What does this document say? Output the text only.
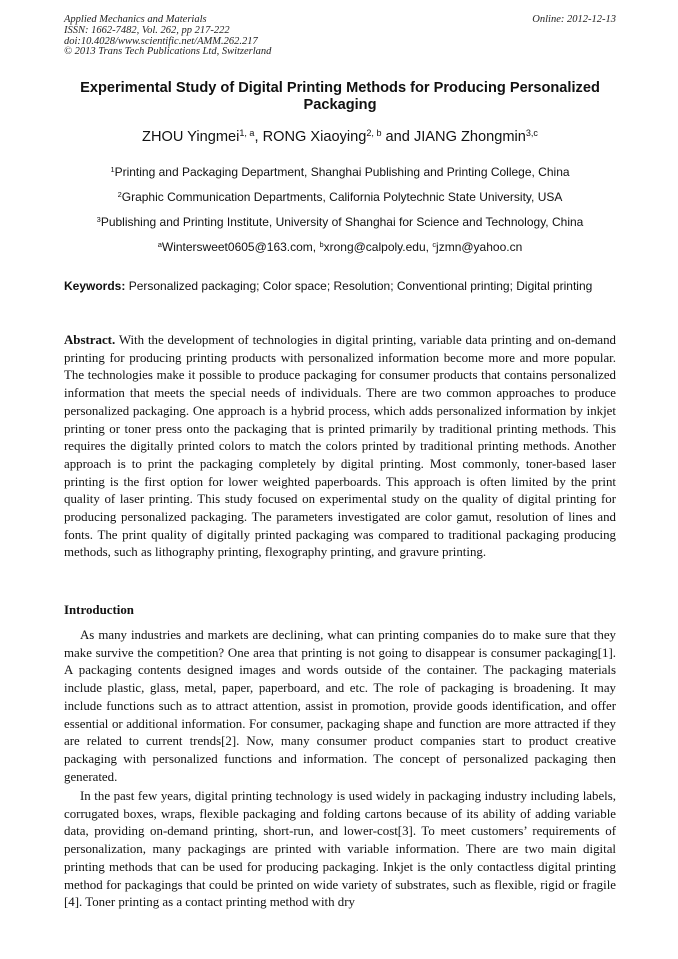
Applied Mechanics and Materials
ISSN: 1662-7482, Vol. 262, pp 217-222
doi:10.4028/www.scientific.net/AMM.262.217
© 2013 Trans Tech Publications Ltd, Switzerland
Online: 2012-12-13
Experimental Study of Digital Printing Methods for Producing Personalized Packaging
ZHOU Yingmei$^{1, a}$, RONG Xiaoying$^{2, b}$ and JIANG Zhongmin$^{3,c}$
$^1$Printing and Packaging Department, Shanghai Publishing and Printing College, China
$^2$Graphic Communication Departments, California Polytechnic State University, USA
$^3$Publishing and Printing Institute, University of Shanghai for Science and Technology, China
$^a$Wintersweet0605@163.com, $^b$xrong@calpoly.edu, $^c$jzmn@yahoo.cn
Keywords: Personalized packaging; Color space; Resolution; Conventional printing; Digital printing
Abstract. With the development of technologies in digital printing, variable data printing and on-demand printing for producing printing products with personalized information become more and more popular. The technologies make it possible to produce packaging for consumer products that contains personalized information that meets the special needs of individuals. There are two common approaches to produce personalized packaging. One approach is a hybrid process, which adds personalized information by inkjet printing or toner press onto the packaging that is printed primarily by traditional printing methods. This requires the digitally printed colors to match the colors printed by traditional printing methods. Another approach is to print the packaging completely by digital printing. Most commonly, toner-based laser printing is the first option for lower weighted paperboards. This approach is often limited by the print quality of laser printing. This study focused on experimental study on the quality of digital printing for producing personalized packaging. The parameters investigated are color gamut, resolution of lines and fonts. The print quality of digitally printed packaging was compared to traditional packaging producing methods, such as lithography printing, flexography printing, and gravure printing.
Introduction
As many industries and markets are declining, what can printing companies do to make sure that they make survive the competition? One area that printing is not going to disappear is consumer packaging[1]. A packaging contents designed images and words outside of the container. The packaging materials include plastic, glass, metal, paper, paperboard, and etc. The role of packaging is broadening. It may include functions such as to attract attention, assist in promotion, provide goods identification, and offer essential or additional information. For consumer, packaging shape and function are more attracted if they are related to current trends[2]. Now, many consumer product companies start to product creative packaging with personalized functions and information. The concept of personalized packaging then generated.
In the past few years, digital printing technology is used widely in packaging industry including labels, corrugated boxes, wraps, flexible packaging and folding cartons because of its ability of adding variable data, providing on-demand printing, short-run, and lower-cost[3]. To meet customers’ requirements of personalization, many packagings are printed with variable information. There are two main digital printing methods that can be used for producing packaging. Inkjet is the only contactless digital printing method for packagings that could be printed on wide variety of substrates, such as flexible, rigid or fragile [4]. Toner printing as a contact printing method with dry
